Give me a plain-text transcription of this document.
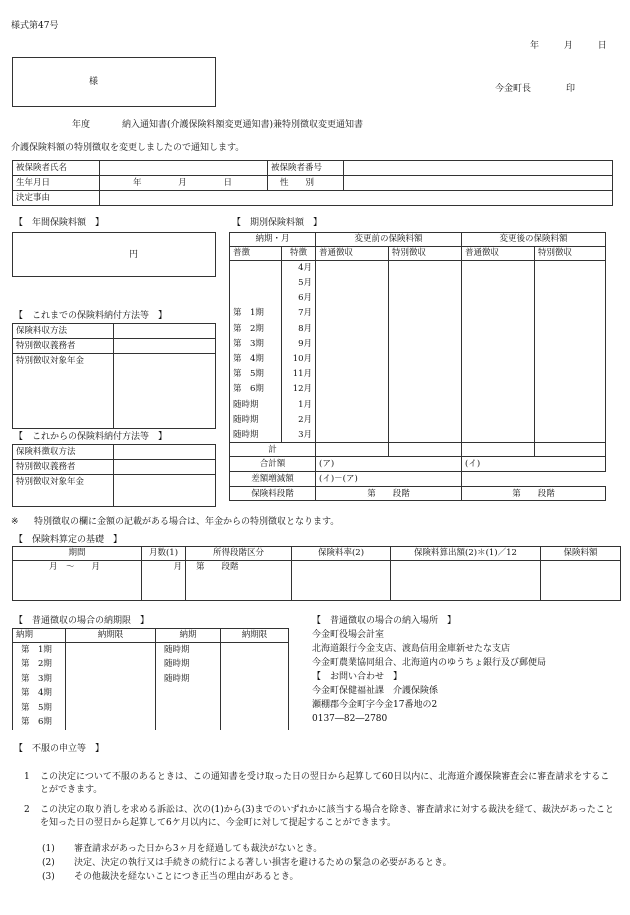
様式第47号
年	月	日
様
今金町長	印
年度	納入通知書(介護保険料額変更通知書)兼特別徴収変更通知書
介護保険料額の特別徴収を変更しましたので通知します。
被保険者氏名		被保険者番号	
生年月日	年 月 日	性　　別	
決定事由			
【　年間保険料額　】
円
【　これまでの保険料納付方法等　】
保険料収方法	
特別徴収義務者	
特別徴収対象年金	
【　これからの保険料納付方法等　】
保険料徴収方法	
特別徴収義務者	
特別徴収対象年金	
【　期別保険料額　】
納期・月		変更前の保険料額		変更後の保険料額	
普徴	特徴	普通徴収	特別徴収	普通徴収	特別徴収
	4月				
	5月				
	6月				
第　1期	7月				
第　2期	8月				
第　3期	9月				
第　4期	10月				
第　5期	11月				
第　6期	12月				
随時期	1月				
随時期	2月				
随時期	3月				
計					
合計額		(ア)		(イ)	
差額増減額		(イ)－(ア)			
保険料段階		第　　段階		第　　段階	
※ 特別徴収の欄に金額の記載がある場合は、年金からの特別徴収となります。
【　保険料算定の基礎　】
期間	月数(1)	所得段階区分	保険料率(2)	保険料算出額(2)＊(1)／12	保険料額
月　～　　月	月	第　　段階			
【　普通徴収の場合の納期限　】
納期	納期限	納期	納期限
第　1期		随時期	
第　2期		随時期	
第　3期		随時期	
第　4期			
第　5期			
第　6期			
【　普通徴収の場合の納入場所　】
今金町役場会計室
北海道銀行今金支店、渡島信用金庫新せたな支店
今金町農業協同組合、北海道内のゆうちょ銀行及び郵便局
【　お問い合わせ　】
今金町保健福祉課　介護保険係
瀬棚郡今金町字今金17番地の2
0137―82―2780
【　不服の申立等　】
1 この決定について不服のあるときは、この通知書を受け取った日の翌日から起算して60日以内に、北海道介護保険審査会に審査請求をすることができます。
2 この決定の取り消しを求める訴訟は、次の(1)から(3)までのいずれかに該当する場合を除き、審査請求に対する裁決を経て、裁決があったことを知った日の翌日から起算して6ケ月以内に、今金町に対して提起することができます。
(1) 審査請求があった日から3ヶ月を経過しても裁決がないとき。
(2) 決定、決定の執行又は手続きの続行による著しい損害を避けるための緊急の必要があるとき。
(3) その他裁決を経ないことにつき正当の理由があるとき。
